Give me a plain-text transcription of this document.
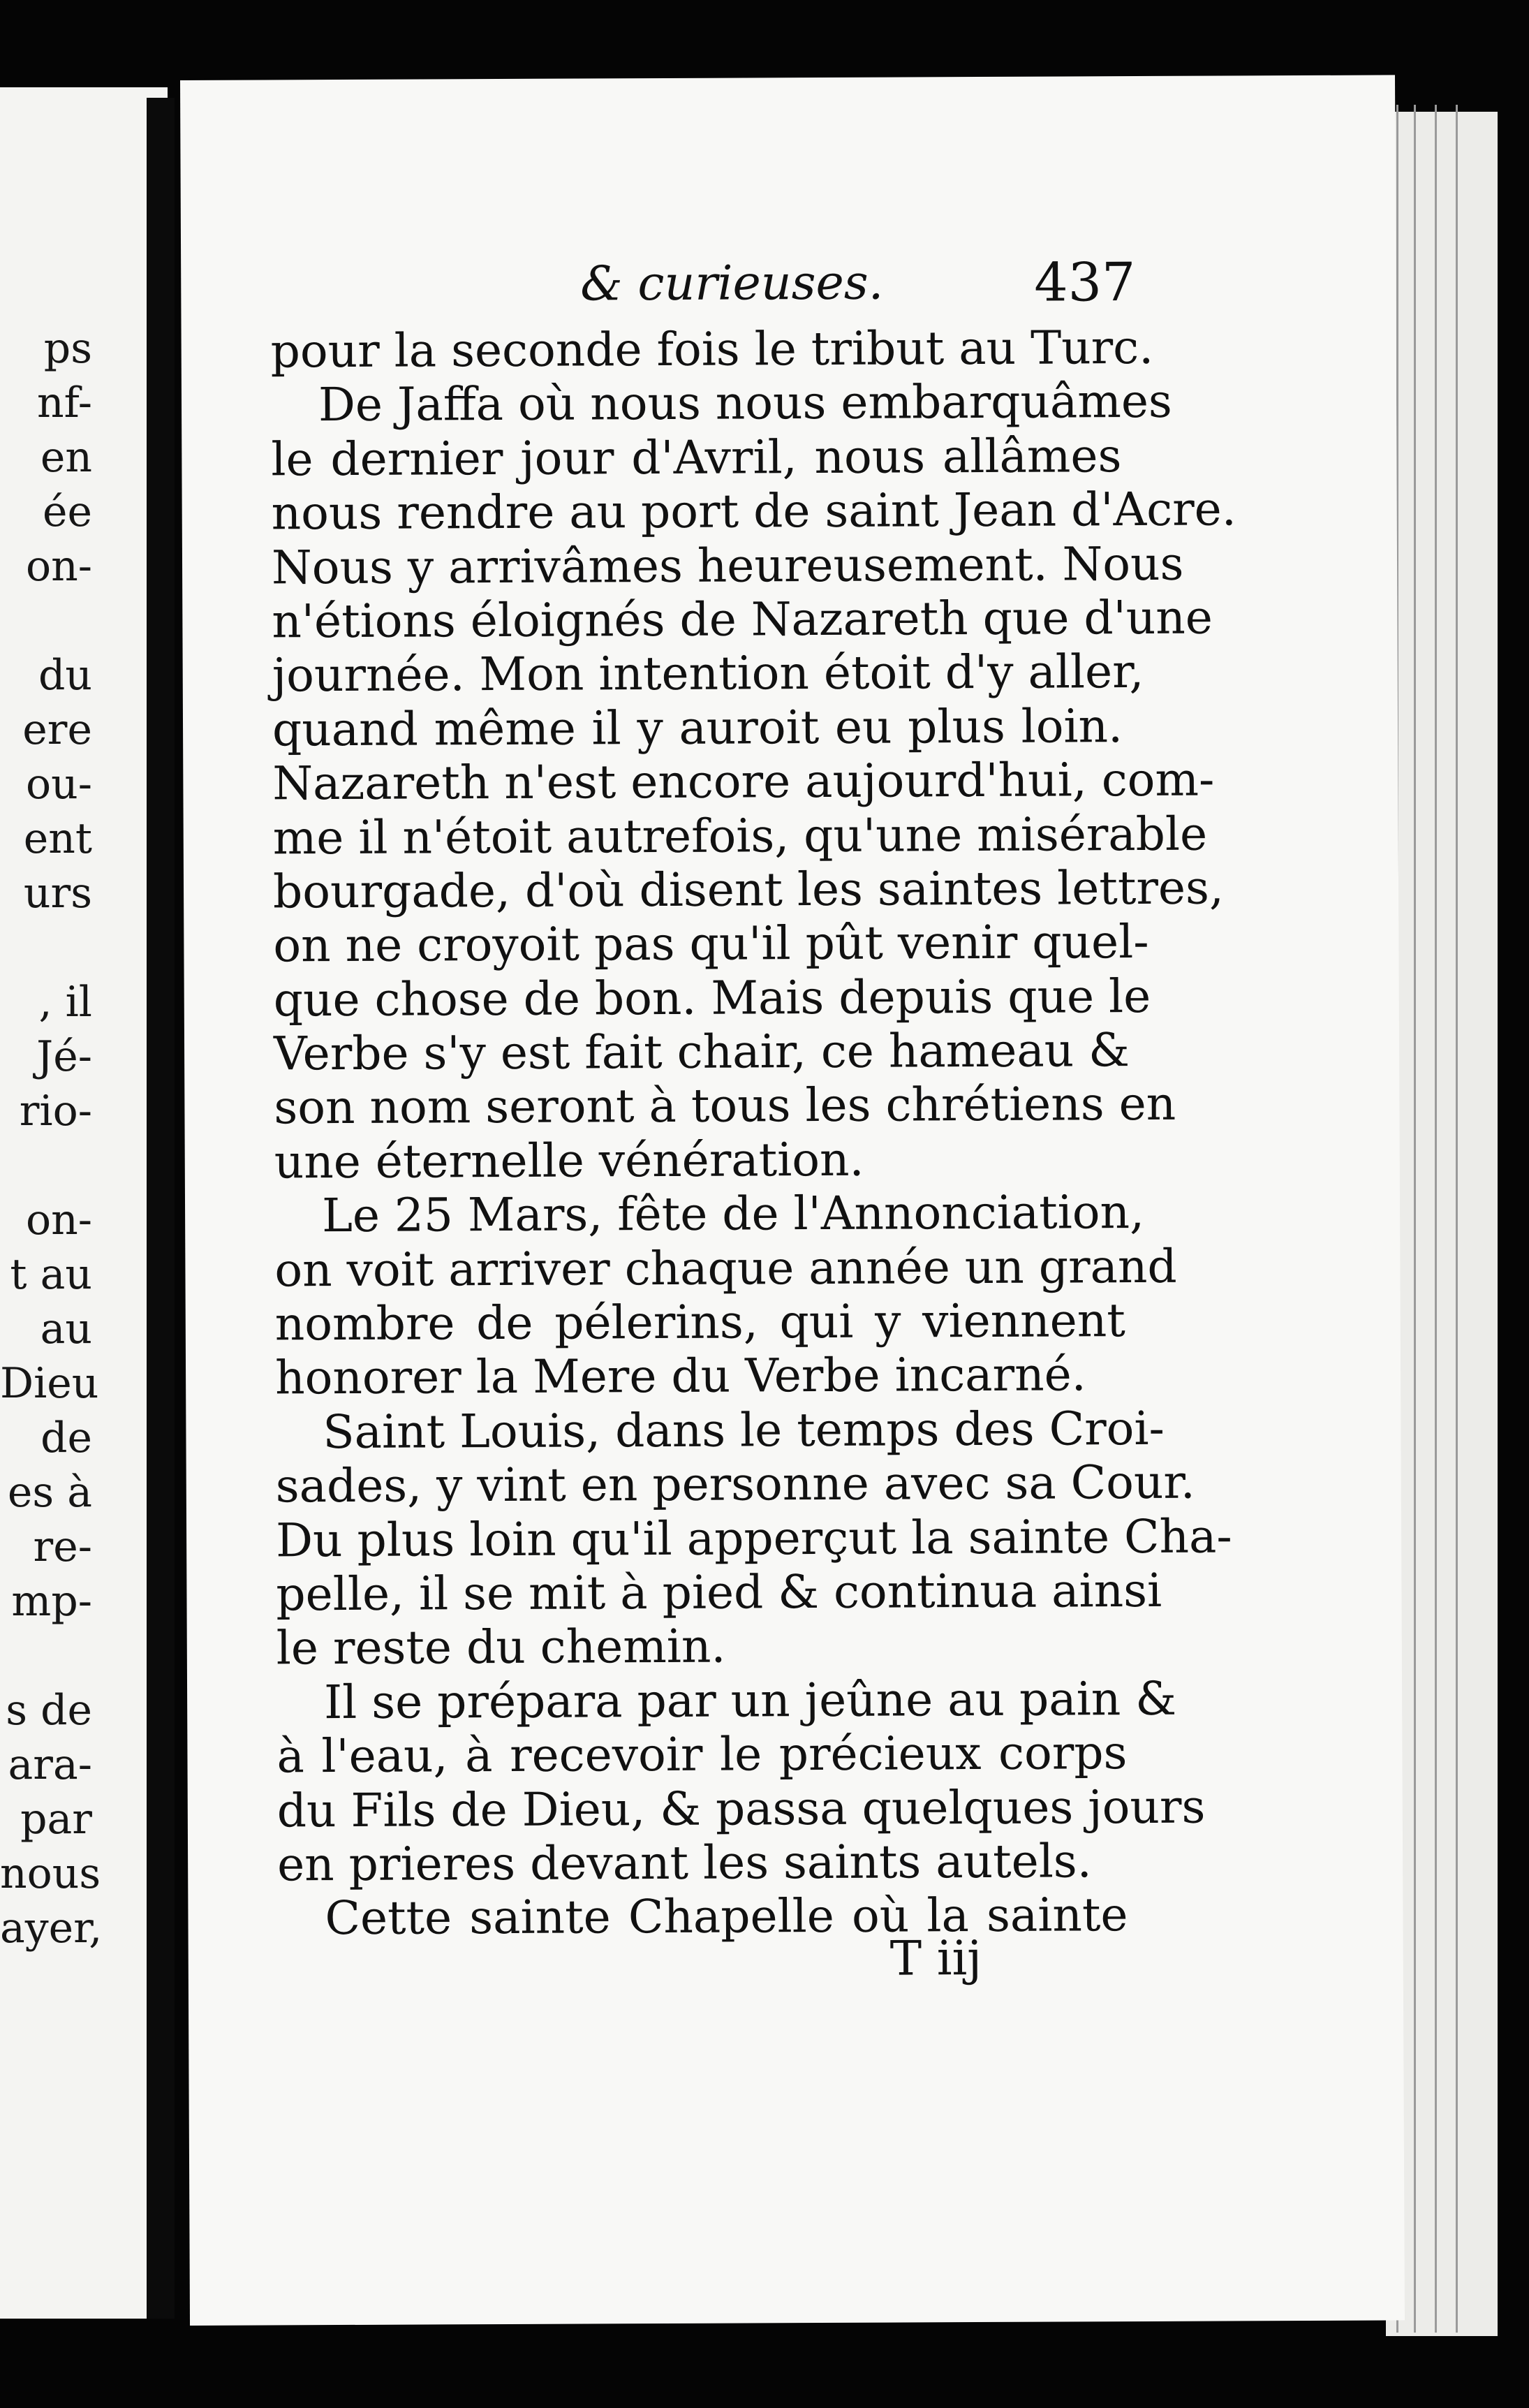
ps
nf-
en
ée
on-
du
ere
ou-
ent
urs
, il
Jé-
rio-
on-
t au
au
Dieu
de
es à
re-
mp-
s de
ara-
par
nous
ayer,
& curieuses.	437
pour la seconde fois le tribut au Turc.
De Jaffa où nous nous embarquâmes
le dernier jour d'Avril, nous allâmes
nous rendre au port de saint Jean d'Acre.
Nous y arrivâmes heureusement. Nous
n'étions éloignés de Nazareth que d'une
journée. Mon intention étoit d'y aller,
quand même il y auroit eu plus loin.
Nazareth n'est encore aujourd'hui, com-
me il n'étoit autrefois, qu'une misérable
bourgade, d'où disent les saintes lettres,
on ne croyoit pas qu'il pût venir quel-
que chose de bon. Mais depuis que le
Verbe s'y est fait chair, ce hameau &
son nom seront à tous les chrétiens en
une éternelle vénération.
Le 25 Mars, fête de l'Annonciation,
on voit arriver chaque année un grand
nombre de pélerins, qui y viennent
honorer la Mere du Verbe incarné.
Saint Louis, dans le temps des Croi-
sades, y vint en personne avec sa Cour.
Du plus loin qu'il apperçut la sainte Cha-
pelle, il se mit à pied & continua ainsi
le reste du chemin.
Il se prépara par un jeûne au pain &
à l'eau, à recevoir le précieux corps
du Fils de Dieu, & passa quelques jours
en prieres devant les saints autels.
Cette sainte Chapelle où la sainte
T iij
